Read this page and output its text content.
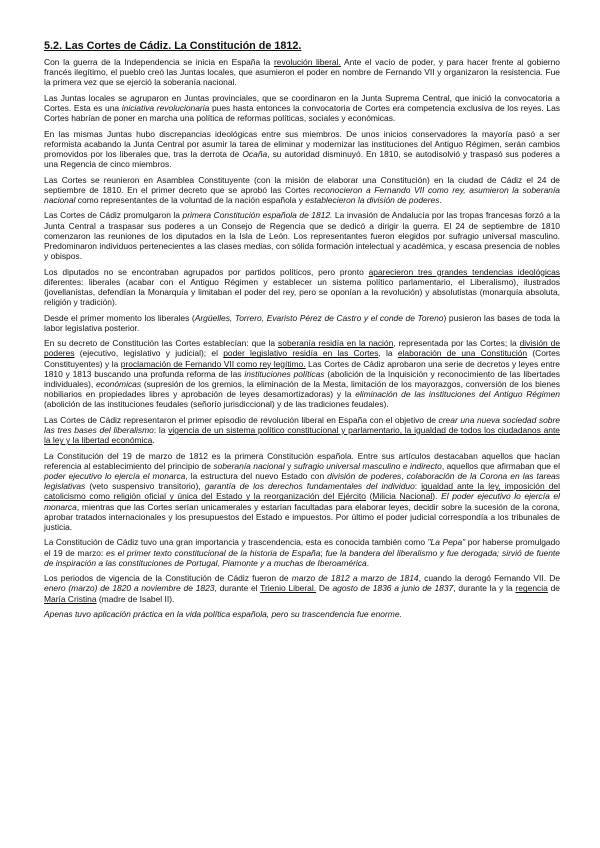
5.2. Las Cortes de Cádiz. La Constitución de 1812.

Con la guerra de la Independencia se inicia en España la revolución liberal. Ante el vacío de poder, y para hacer frente al gobierno francés ilegítimo, el pueblo creó las Juntas locales, que asumieron el poder en nombre de Fernando VII y organizaron la resistencia. Fue la primera vez que se ejerció la soberanía nacional.

Las Juntas locales se agruparon en Juntas provinciales, que se coordinaron en la Junta Suprema Central, que inició la convocatoria a Cortes. Esta es una iniciativa revolucionaria pues hasta entonces la convocatoria de Cortes era competencia exclusiva de los reyes. Las Cortes habrían de poner en marcha una política de reformas políticas, sociales y económicas.

En las mismas Juntas hubo discrepancias ideológicas entre sus miembros. De unos inicios conservadores la mayoría pasó a ser reformista acabando la Junta Central por asumir la tarea de eliminar y modernizar las instituciones del Antiguo Régimen, serán cambios promovidos por los liberales que, tras la derrota de Ocaña, su autoridad disminuyó. En 1810, se autodisolvió y traspasó sus poderes a una Regencia de cinco miembros.

Las Cortes se reunieron en Asamblea Constituyente (con la misión de elaborar una Constitución) en la ciudad de Cádiz el 24 de septiembre de 1810. En el primer decreto que se aprobó las Cortes reconocieron a Fernando VII como rey, asumieron la soberanía nacional como representantes de la voluntad de la nación española y establecieron la división de poderes.

Las Cortes de Cádiz promulgaron la primera Constitución española de 1812. La invasión de Andalucía por las tropas francesas forzó a la Junta Central a traspasar sus poderes a un Consejo de Regencia que se dedicó a dirigir la guerra. El 24 de septiembre de 1810 comenzaron las reuniones de los diputados en la Isla de León. Los representantes fueron elegidos por sufragio universal masculino. Predominaron individuos pertenecientes a las clases medias, con sólida formación intelectual y académica, y escasa presencia de nobles y obispos.

Los diputados no se encontraban agrupados por partidos políticos, pero pronto aparecieron tres grandes tendencias ideológicas diferentes: liberales (acabar con el Antiguo Régimen y establecer un sistema político parlamentario, el Liberalismo), ilustrados (jovellanistas, defendían la Monarquía y limitaban el poder del rey, pero se oponían a la revolución) y absolutistas (monarquía absoluta, religión y tradición).

Desde el primer momento los liberales (Argüelles, Torrero, Evaristo Pérez de Castro y el conde de Toreno) pusieron las bases de toda la labor legislativa posterior.

En su decreto de Constitución las Cortes establecían: que la soberanía residía en la nación, representada por las Cortes; la división de poderes (ejecutivo, legislativo y judicial); el poder legislativo residía en las Cortes, la elaboración de una Constitución (Cortes Constituyentes) y la proclamación de Fernando VII como rey legítimo. Las Cortes de Cádiz aprobaron una serie de decretos y leyes entre 1810 y 1813 buscando una profunda reforma de las instituciones políticas (abolición de la Inquisición y reconocimiento de las libertades individuales), económicas (supresión de los gremios, la eliminación de la Mesta, limitación de los mayorazgos, conversión de los bienes nobiliarios en propiedades libres y aprobación de leyes desamortizadoras) y la eliminación de las instituciones del Antiguo Régimen (abolición de las instituciones feudales (señorío jurisdiccional) y de las tradiciones feudales).

Las Cortes de Cádiz representaron el primer episodio de revolución liberal en España con el objetivo de crear una nueva sociedad sobre las tres bases del liberalismo: la vigencia de un sistema político constitucional y parlamentario, la igualdad de todos los ciudadanos ante la ley y la libertad económica.

La Constitución del 19 de marzo de 1812 es la primera Constitución española. Entre sus artículos destacaban aquellos que hacían referencia al establecimiento del principio de soberanía nacional y sufragio universal masculino e indirecto, aquellos que afirmaban que el poder ejecutivo lo ejercía el monarca, la estructura del nuevo Estado con división de poderes, colaboración de la Corona en las tareas legislativas (veto suspensivo transitorio), garantía de los derechos fundamentales del individuo: igualdad ante la ley, imposición del catolicismo como religión oficial y única del Estado y la reorganización del Ejército (Milicia Nacional). El poder ejecutivo lo ejercía el monarca, mientras que las Cortes serían unicamerales y estarían facultadas para elaborar leyes, decidir sobre la sucesión de la corona, aprobar tratados internacionales y los presupuestos del Estado e impuestos. Por último el poder judicial correspondía a los tribunales de justicia.

La Constitución de Cádiz tuvo una gran importancia y trascendencia, esta es conocida también como "La Pepa" por haberse promulgado el 19 de marzo: es el primer texto constitucional de la historia de España; fue la bandera del liberalismo y fue derogada; sirvió de fuente de inspiración a las constituciones de Portugal, Piamonte y a muchas de Iberoamérica.

Los periodos de vigencia de la Constitución de Cádiz fueron de marzo de 1812 a marzo de 1814, cuando la derogó Fernando VII. De enero (marzo) de 1820 a noviembre de 1823, durante el Trienio Liberal. De agosto de 1836 a junio de 1837, durante la y la regencia de María Cristina (madre de Isabel II).

Apenas tuvo aplicación práctica en la vida política española, pero su trascendencia fue enorme.
